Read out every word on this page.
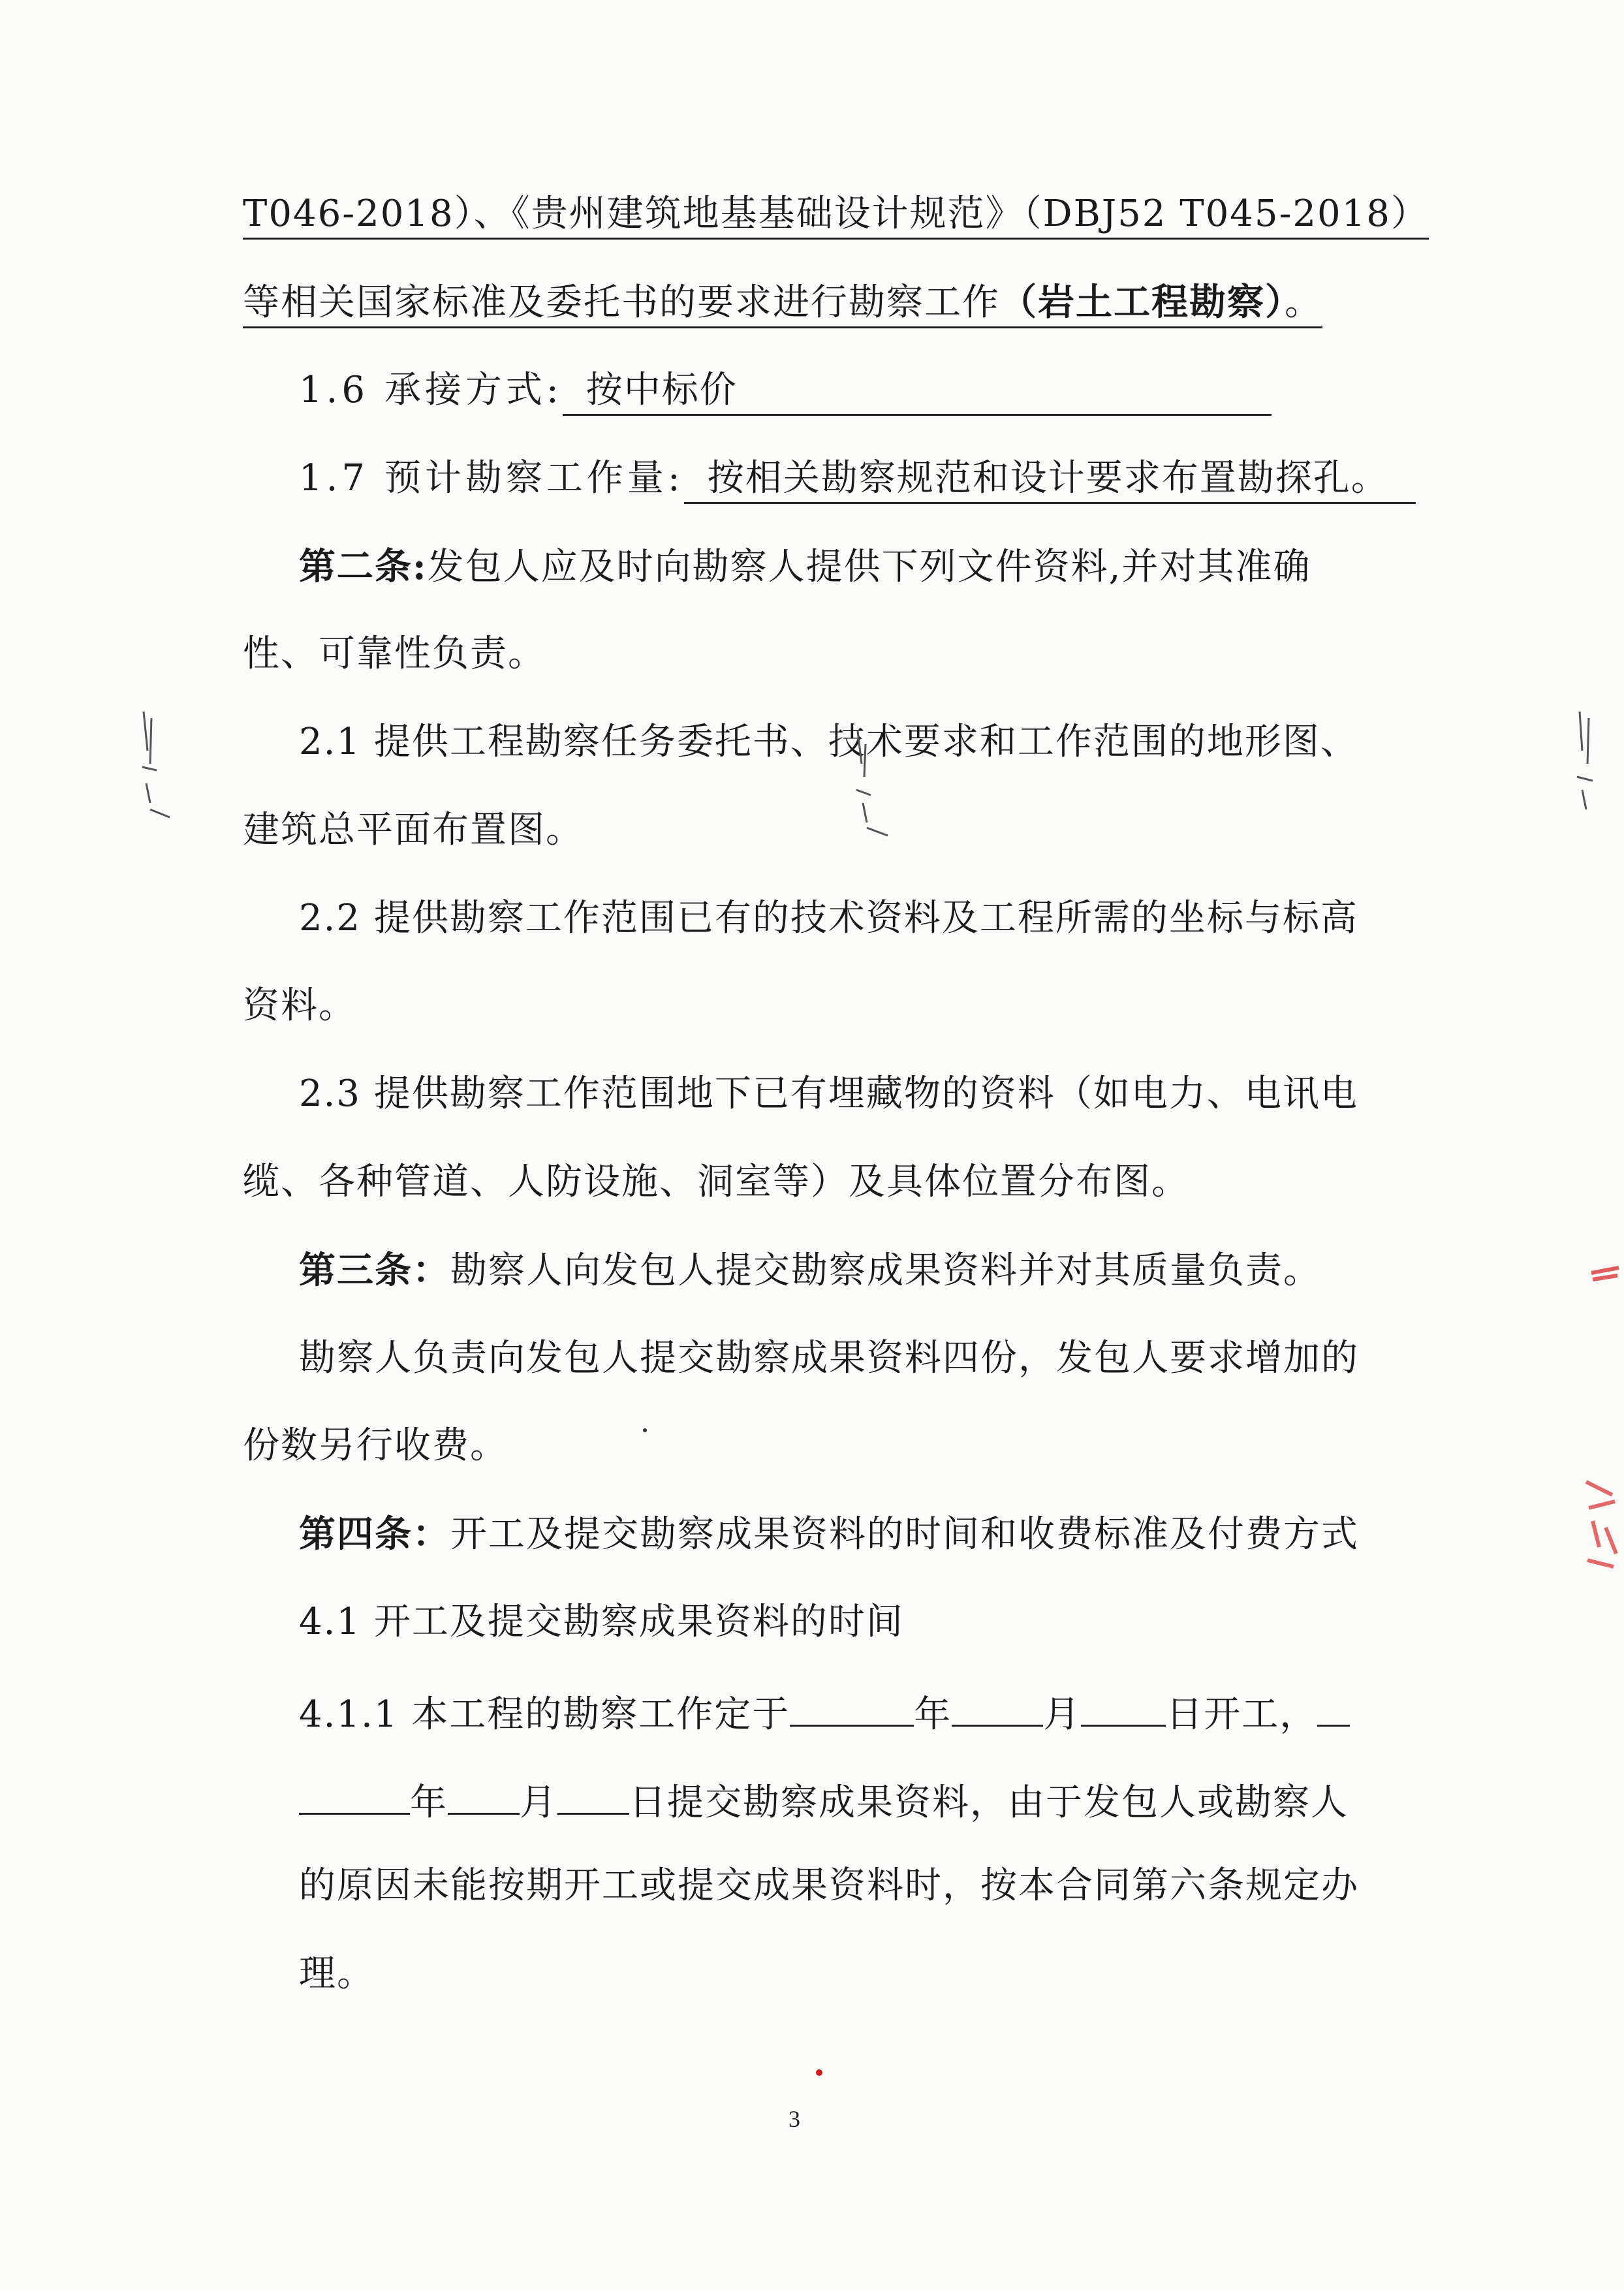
T046-2018）、《贵州建筑地基基础设计规范》（DBJ52 T045-2018）
等相关国家标准及委托书的要求进行勘察工作（岩土工程勘察）。
1.6 承接方式: 按中标价
1.7 预计勘察工作量: 按相关勘察规范和设计要求布置勘探孔。
第二条:发包人应及时向勘察人提供下列文件资料,并对其准确
性、可靠性负责。
2.1 提供工程勘察任务委托书、技术要求和工作范围的地形图、
建筑总平面布置图。
2.2 提供勘察工作范围已有的技术资料及工程所需的坐标与标高
资料。
2.3 提供勘察工作范围地下已有埋藏物的资料（如电力、电讯电
缆、各种管道、人防设施、洞室等）及具体位置分布图。
第三条：勘察人向发包人提交勘察成果资料并对其质量负责。
勘察人负责向发包人提交勘察成果资料四份，发包人要求增加的
份数另行收费。
第四条：开工及提交勘察成果资料的时间和收费标准及付费方式
4.1 开工及提交勘察成果资料的时间
4.1.1 本工程的勘察工作定于	年	月 日开工，
年 月 日提交勘察成果资料，由于发包人或勘察人
的原因未能按期开工或提交成果资料时，按本合同第六条规定办
理。
3
